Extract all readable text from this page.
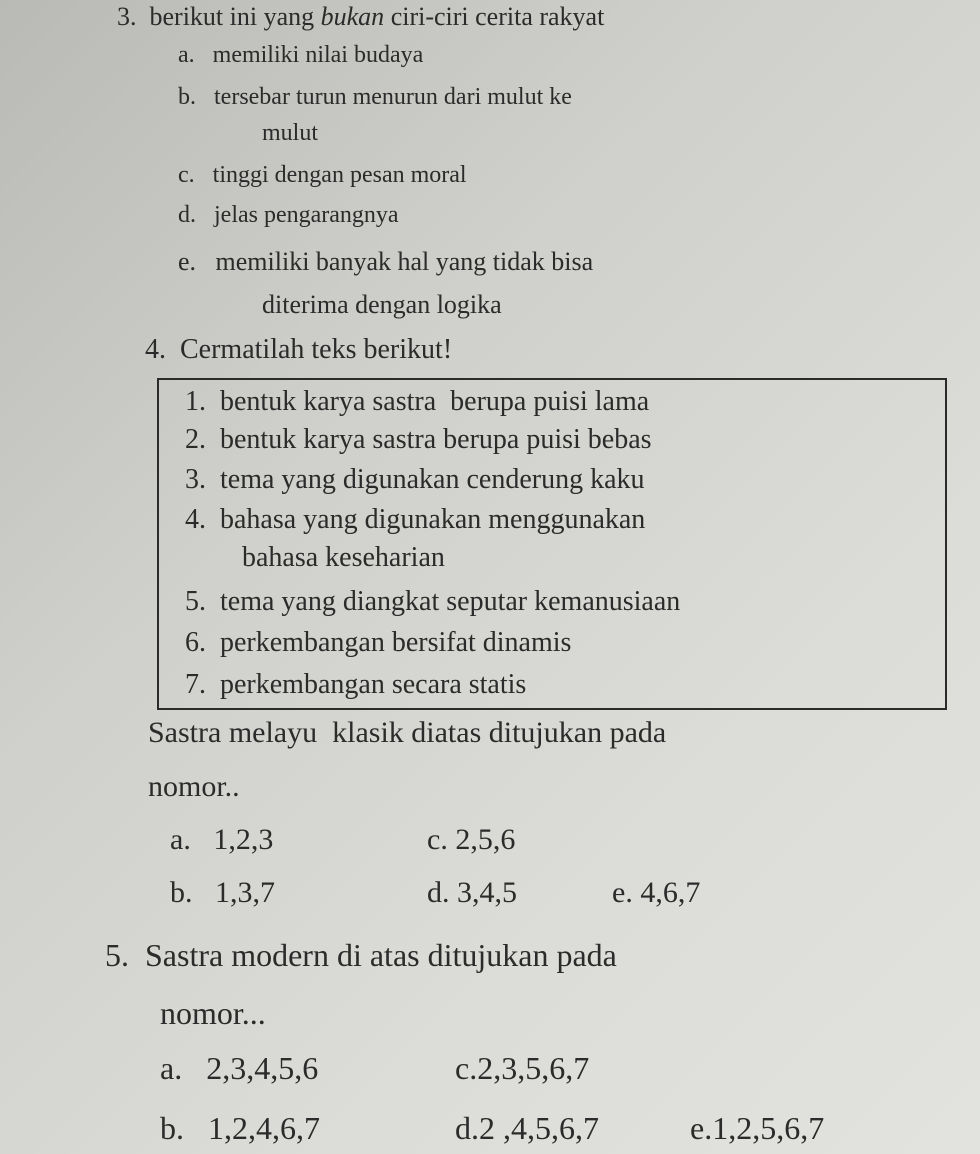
3.  berikut ini yang bukan ciri-ciri cerita rakyat
a.   memiliki nilai budaya
b.   tersebar turun menurun dari mulut ke
mulut
c.   tinggi dengan pesan moral
d.   jelas pengarangnya
e.   memiliki banyak hal yang tidak bisa
diterima dengan logika
4.  Cermatilah teks berikut!
1.  bentuk karya sastra  berupa puisi lama
2.  bentuk karya sastra berupa puisi bebas
3.  tema yang digunakan cenderung kaku
4.  bahasa yang digunakan menggunakan
bahasa keseharian
5.  tema yang diangkat seputar kemanusiaan
6.  perkembangan bersifat dinamis
7.  perkembangan secara statis
Sastra melayu  klasik diatas ditujukan pada
nomor..
a.   1,2,3	c. 2,5,6
b.   1,3,7	d. 3,4,5	e. 4,6,7
5.  Sastra modern di atas ditujukan pada
nomor...
a.   2,3,4,5,6	c.2,3,5,6,7
b.   1,2,4,6,7	d.2 ,4,5,6,7	e.1,2,5,6,7
